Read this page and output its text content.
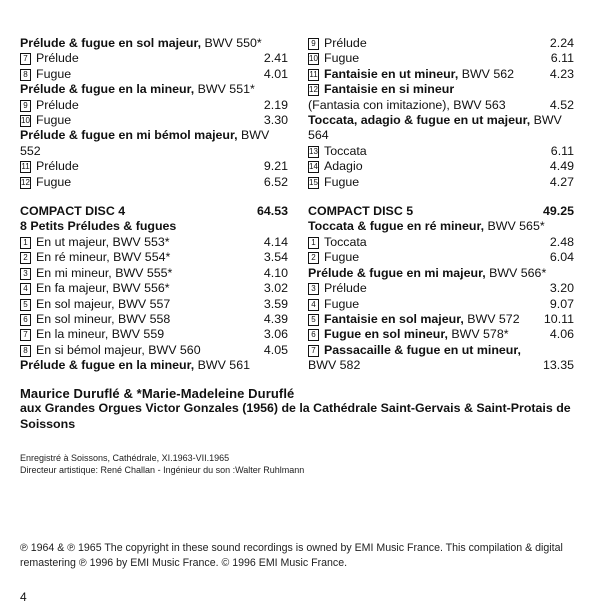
Prélude & fugue en sol majeur, BWV 550*
7 Prélude	2.41
8 Fugue	4.01
Prélude & fugue en la mineur, BWV 551*
9 Prélude	2.19
10 Fugue	3.30
Prélude & fugue en mi bémol majeur, BWV 552
11 Prélude	9.21
12 Fugue	6.52
COMPACT DISC 4	64.53
8 Petits Préludes & fugues
1 En ut majeur, BWV 553*	4.14
2 En ré mineur, BWV 554*	3.54
3 En mi mineur, BWV 555*	4.10
4 En fa majeur, BWV 556*	3.02
5 En sol majeur, BWV 557	3.59
6 En sol mineur, BWV 558	4.39
7 En la mineur, BWV 559	3.06
8 En si bémol majeur, BWV 560	4.05
Prélude & fugue en la mineur, BWV 561
9 Prélude	2.24
10 Fugue	6.11
11 Fantaisie en ut mineur, BWV 562	4.23
12 Fantaisie en si mineur
(Fantasia con imitazione), BWV 563	4.52
Toccata, adagio & fugue en ut majeur, BWV 564
13 Toccata	6.11
14 Adagio	4.49
15 Fugue	4.27
COMPACT DISC 5	49.25
Toccata & fugue en ré mineur, BWV 565*
1 Toccata	2.48
2 Fugue	6.04
Prélude & fugue en mi majeur, BWV 566*
3 Prélude	3.20
4 Fugue	9.07
5 Fantaisie en sol majeur, BWV 572	10.11
6 Fugue en sol mineur, BWV 578*	4.06
7 Passacaille & fugue en ut mineur,
BWV 582	13.35
Maurice Duruflé & *Marie-Madeleine Duruflé
aux Grandes Orgues Victor Gonzales (1956) de la Cathédrale Saint-Gervais & Saint-Protais de Soissons
Enregistré à Soissons, Cathédrale, XI.1963-VII.1965
Directeur artistique: René Challan - Ingénieur du son :Walter Ruhlmann
℗ 1964 & ℗ 1965 The copyright in these sound recordings is owned by EMI Music France. This compilation & digital remastering ℗ 1996 by EMI Music France. © 1996 EMI Music France.
4
